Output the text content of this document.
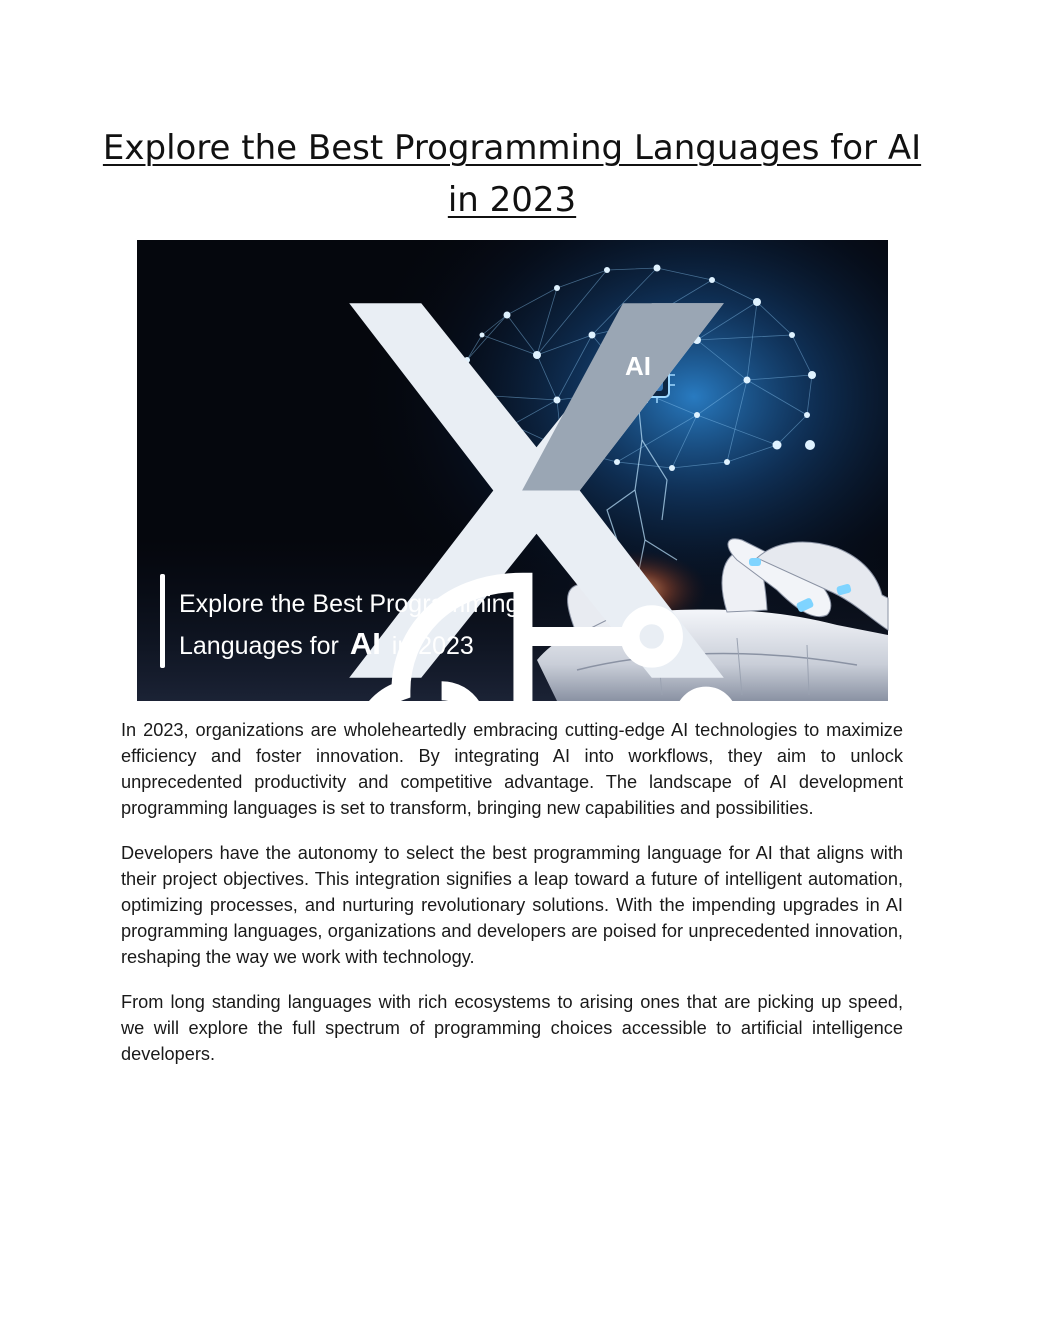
Explore the Best Programming Languages for AI in 2023
INEXTURE
IDEA. DELIVERED.
AI
Explore the Best Programming
Languages for AI in 2023

In 2023, organizations are wholeheartedly embracing cutting-edge AI technologies to maximize efficiency and foster innovation. By integrating AI into workflows, they aim to unlock unprecedented productivity and competitive advantage. The landscape of AI development programming languages is set to transform, bringing new capabilities and possibilities.

Developers have the autonomy to select the best programming language for AI that aligns with their project objectives. This integration signifies a leap toward a future of intelligent automation, optimizing processes, and nurturing revolutionary solutions. With the impending upgrades in AI programming languages, organizations and developers are poised for unprecedented innovation, reshaping the way we work with technology.

From long standing languages with rich ecosystems to arising ones that are picking up speed, we will explore the full spectrum of programming choices accessible to artificial intelligence developers.
